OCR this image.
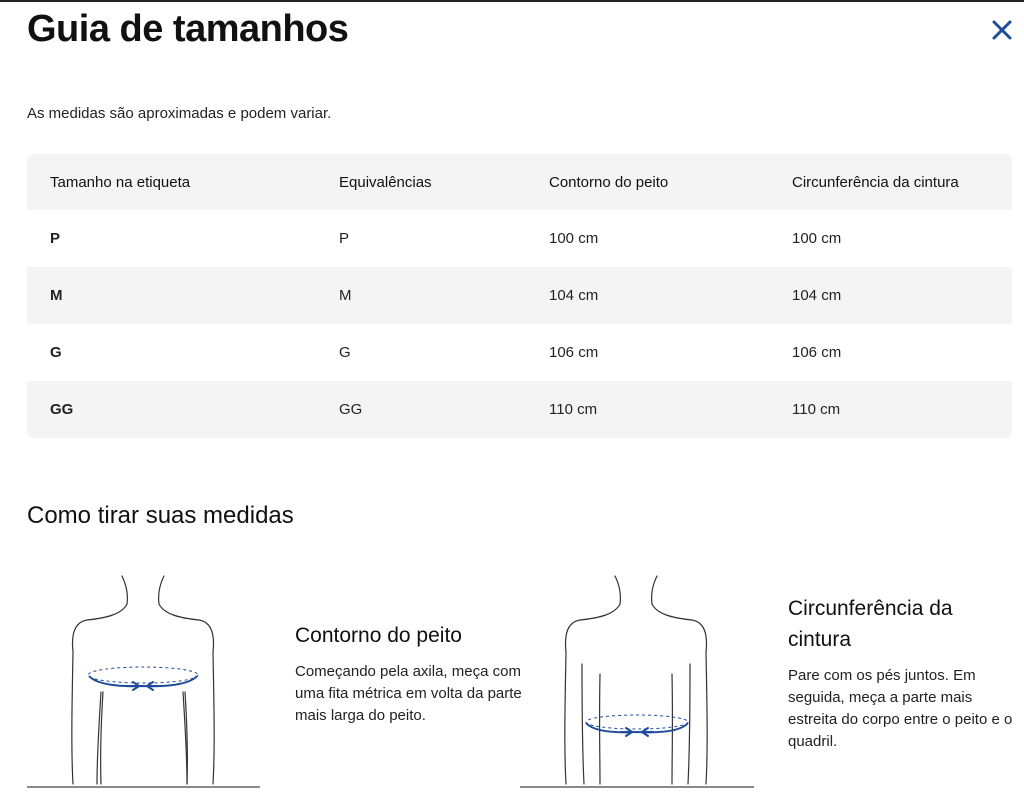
Guia de tamanhos

As medidas são aproximadas e podem variar.

Tamanho na etiqueta	Equivalências	Contorno do peito	Circunferência da cintura
P	P	100 cm	100 cm
M	M	104 cm	104 cm
G	G	106 cm	106 cm
GG	GG	110 cm	110 cm
Como tirar suas medidas
Contorno do peito

Começando pela axila, meça com uma fita métrica em volta da parte mais larga do peito.

Circunferência da cintura

Pare com os pés juntos. Em seguida, meça a parte mais estreita do corpo entre o peito e o quadril.
